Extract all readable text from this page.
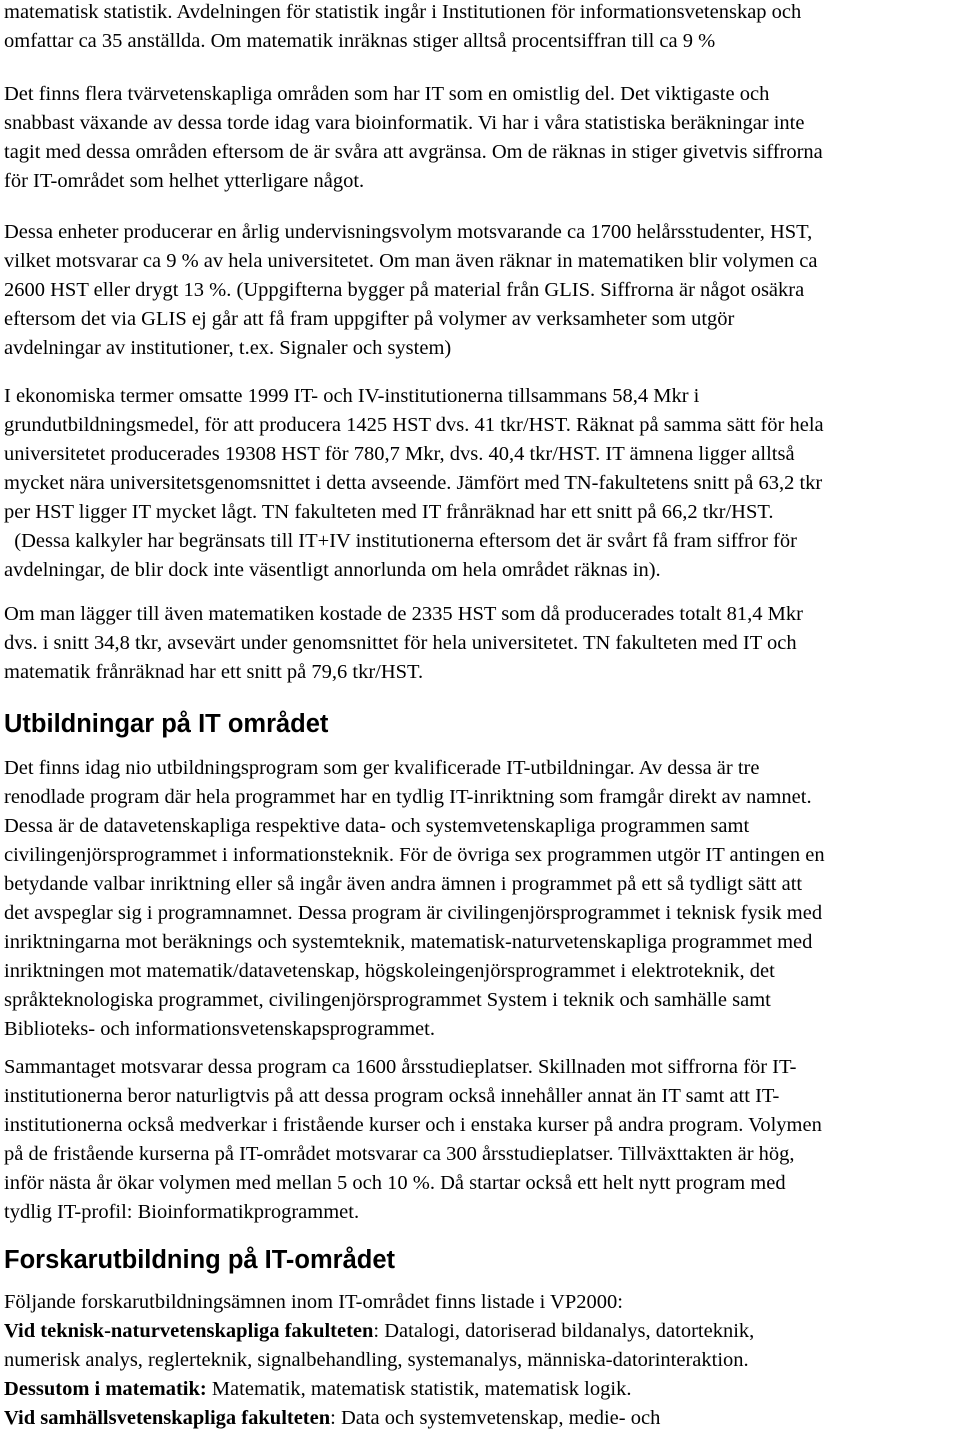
matematisk statistik. Avdelningen för statistik ingår i Institutionen för informationsvetenskap och
omfattar ca 35 anställda. Om matematik inräknas stiger alltså procentsiffran till ca 9 %
Det finns flera tvärvetenskapliga områden som har IT som en omistlig del. Det viktigaste och
snabbast växande av dessa torde idag vara bioinformatik. Vi har i våra statistiska beräkningar inte
tagit med dessa områden eftersom de är svåra att avgränsa. Om de räknas in stiger givetvis siffrorna
för IT-området som helhet ytterligare något.
Dessa enheter producerar en årlig undervisningsvolym motsvarande ca 1700 helårsstudenter, HST,
vilket motsvarar ca 9 % av hela universitetet. Om man även räknar in matematiken blir volymen ca
2600 HST eller drygt 13 %. (Uppgifterna bygger på material från GLIS. Siffrorna är något osäkra
eftersom det via GLIS ej går att få fram uppgifter på volymer av verksamheter som utgör
avdelningar av institutioner, t.ex. Signaler och system)
I ekonomiska termer omsatte 1999 IT- och IV-institutionerna tillsammans 58,4 Mkr i
grundutbildningsmedel, för att producera 1425 HST dvs. 41 tkr/HST. Räknat på samma sätt för hela
universitetet producerades 19308 HST för 780,7 Mkr, dvs. 40,4 tkr/HST. IT ämnena ligger alltså
mycket nära universitetsgenomsnittet i detta avseende. Jämfört med TN-fakultetens snitt på 63,2 tkr
per HST ligger IT mycket lågt. TN fakulteten med IT frånräknad har ett snitt på 66,2 tkr/HST.
(Dessa kalkyler har begränsats till IT+IV institutionerna eftersom det är svårt få fram siffror för
avdelningar, de blir dock inte väsentligt annorlunda om hela området räknas in).
Om man lägger till även matematiken kostade de 2335 HST som då producerades totalt 81,4 Mkr
dvs. i snitt 34,8 tkr, avsevärt under genomsnittet för hela universitetet. TN fakulteten med IT och
matematik frånräknad har ett snitt på 79,6 tkr/HST.
Utbildningar på IT området
Det finns idag nio utbildningsprogram som ger kvalificerade IT-utbildningar. Av dessa är tre
renodlade program där hela programmet har en tydlig IT-inriktning som framgår direkt av namnet.
Dessa är de datavetenskapliga respektive data- och systemvetenskapliga programmen samt
civilingenjörsprogrammet i informationsteknik. För de övriga sex programmen utgör IT antingen en
betydande valbar inriktning eller så ingår även andra ämnen i programmet på ett så tydligt sätt att
det avspeglar sig i programnamnet. Dessa program är civilingenjörsprogrammet i teknisk fysik med
inriktningarna mot beräknings och systemteknik, matematisk-naturvetenskapliga programmet med
inriktningen mot matematik/datavetenskap, högskoleingenjörsprogrammet i elektroteknik, det
språkteknologiska programmet, civilingenjörsprogrammet System i teknik och samhälle samt
Biblioteks- och informationsvetenskapsprogrammet.
Sammantaget motsvarar dessa program ca 1600 årsstudieplatser. Skillnaden mot siffrorna för IT-
institutionerna beror naturligtvis på att dessa program också innehåller annat än IT samt att IT-
institutionerna också medverkar i fristående kurser och i enstaka kurser på andra program. Volymen
på de fristående kurserna på IT-området motsvarar ca 300 årsstudieplatser. Tillväxttakten är hög,
inför nästa år ökar volymen med mellan 5 och 10 %. Då startar också ett helt nytt program med
tydlig IT-profil: Bioinformatikprogrammet.
Forskarutbildning på IT-området
Följande forskarutbildningsämnen inom IT-området finns listade i VP2000:
Vid teknisk-naturvetenskapliga fakulteten: Datalogi, datoriserad bildanalys, datorteknik,
numerisk analys, reglerteknik, signalbehandling, systemanalys, människa-datorinteraktion.
Dessutom i matematik: Matematik, matematisk statistik, matematisk logik.
Vid samhällsvetenskapliga fakulteten: Data och systemvetenskap, medie- och
